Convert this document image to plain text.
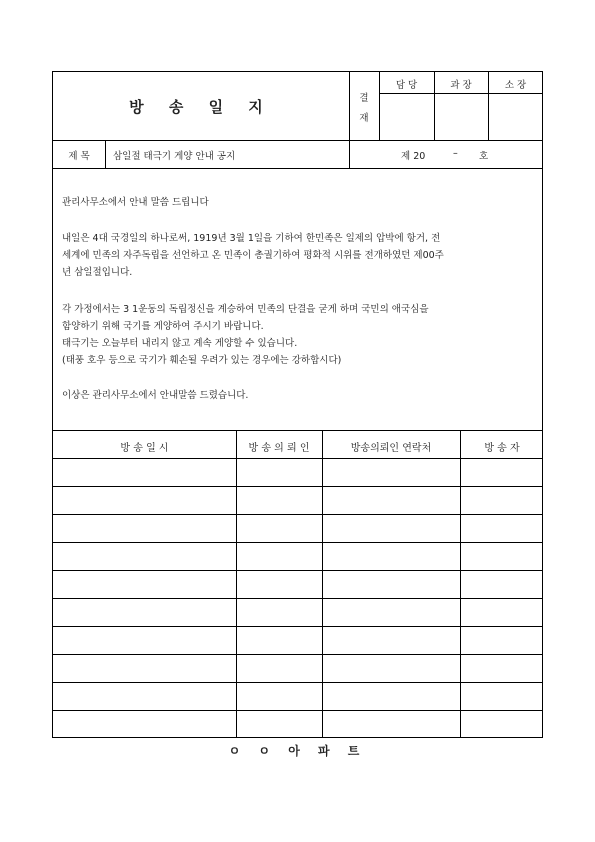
방 송 일 지	결
재
담 당	과 장	소 장
제 목	삼일절 태극기 게양 안내 공지	제 20	– 호
관리사무소에서 안내 말씀 드립니다
내일은 4대 국경일의 하나로써, 1919년 3월 1일을 기하여 한민족은 일제의 압박에 항거, 전
세계에 민족의 자주독립을 선언하고 온 민족이 총궐기하여 평화적 시위를 전개하였던 제00주
년 삼일절입니다.
각 가정에서는 3 1운동의 독립정신을 계승하여 민족의 단결을 굳게 하며 국민의 애국심을
함양하기 위해 국기를 게양하여 주시기 바랍니다.
태극기는 오늘부터 내리지 않고 계속 게양할 수 있습니다.
(태풍 호우 등으로 국기가 훼손될 우려가 있는 경우에는 강하합시다)
이상은 관리사무소에서 안내말씀 드렸습니다.
방 송 일 시	방 송 의 뢰 인	방송의뢰인 연락처	방 송 자
ㅇ ㅇ 아 파 트
